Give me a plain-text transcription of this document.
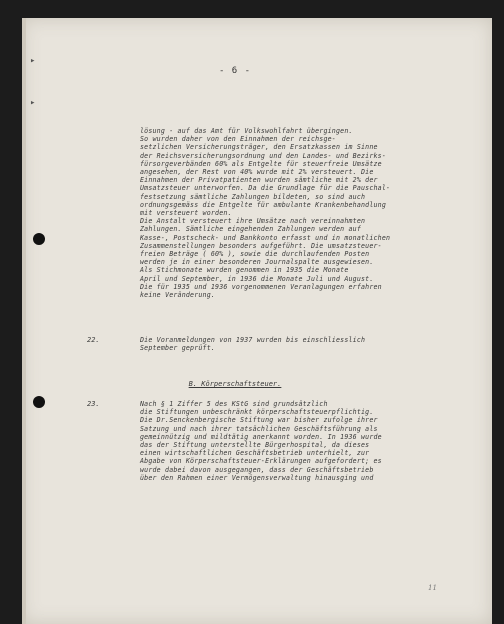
▸
▸
- 6 -
lösung - auf das Amt für Volkswohlfahrt übergingen.
So wurden daher von den Einnahmen der reichsge-
setzlichen Versicherungsträger, den Ersatzkassen im Sinne
der Reichsversicherungsordnung und den Landes- und Bezirks-
fürsorgeverbänden 60% als Entgelte für steuerfreie Umsätze
angesehen, der Rest von 40% wurde mit 2% versteuert. Die
Einnahmen der Privatpatienten wurden sämtliche mit 2% der
Umsatzsteuer unterworfen. Da die Grundlage für die Pauschal-
festsetzung sämtliche Zahlungen bildeten, so sind auch
ordnungsgemäss die Entgelte für ambulante Krankenbehandlung
mit versteuert worden.
Die Anstalt versteuert ihre Umsätze nach vereinnahmten
Zahlungen. Sämtliche eingehenden Zahlungen werden auf
Kasse-, Postscheck- und Bankkonto erfasst und in monatlichen
Zusammenstellungen besonders aufgeführt. Die umsatzsteuer-
freien Beträge ( 60% ), sowie die durchlaufenden Posten
werden je in einer besonderen Journalspalte ausgewiesen.
Als Stichmonate wurden genommen in 1935 die Monate
April und September, in 1936 die Monate Juli und August.
Die für 1935 und 1936 vorgenommenen Veranlagungen erfahren
keine Veränderung.
22.	Die Voranmeldungen von 1937 wurden bis einschliesslich
September geprüft.
B. Körperschaftsteuer.
23.	Nach § 1 Ziffer 5 des KStG sind grundsätzlich
die Stiftungen unbeschränkt körperschaftsteuerpflichtig.
Die Dr.Senckenbergische Stiftung war bisher zufolge ihrer
Satzung und nach ihrer tatsächlichen Geschäftsführung als
gemeinnützig und mildtätig anerkannt worden. In 1936 wurde
das der Stiftung unterstellte Bürgerhospital, da dieses
einen wirtschaftlichen Geschäftsbetrieb unterhielt, zur
Abgabe von Körperschaftsteuer-Erklärungen aufgefordert; es
wurde dabei davon ausgegangen, dass der Geschäftsbetrieb
über den Rahmen einer Vermögensverwaltung hinausging und
11
